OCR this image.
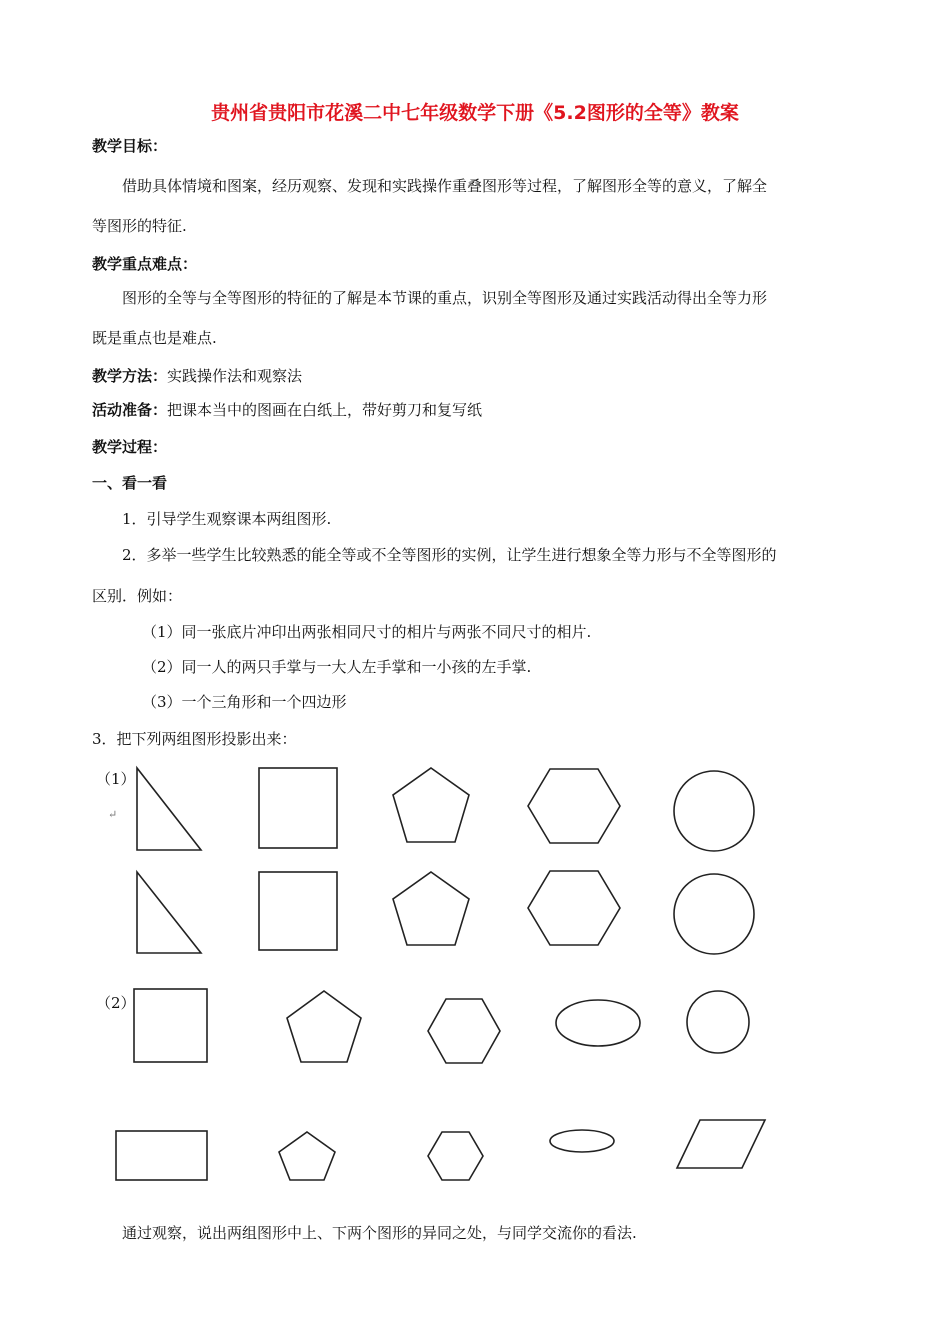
贵州省贵阳市花溪二中七年级数学下册《5.2图形的全等》教案
教学目标：
借助具体情境和图案，经历观察、发现和实践操作重叠图形等过程，了解图形全等的意义，了解全
等图形的特征.
教学重点难点：
图形的全等与全等图形的特征的了解是本节课的重点，识别全等图形及通过实践活动得出全等力形
既是重点也是难点.
教学方法：实践操作法和观察法
活动准备：把课本当中的图画在白纸上，带好剪刀和复写纸
教学过程：
一、看一看
1．引导学生观察课本两组图形.
2．多举一些学生比较熟悉的能全等或不全等图形的实例，让学生进行想象全等力形与不全等图形的
区别．例如：
（1）同一张底片冲印出两张相同尺寸的相片与两张不同尺寸的相片.
（2）同一人的两只手掌与一大人左手掌和一小孩的左手掌.
（3）一个三角形和一个四边形
3．把下列两组图形投影出来：
（1）
↵
（2）
通过观察，说出两组图形中上、下两个图形的异同之处，与同学交流你的看法.
